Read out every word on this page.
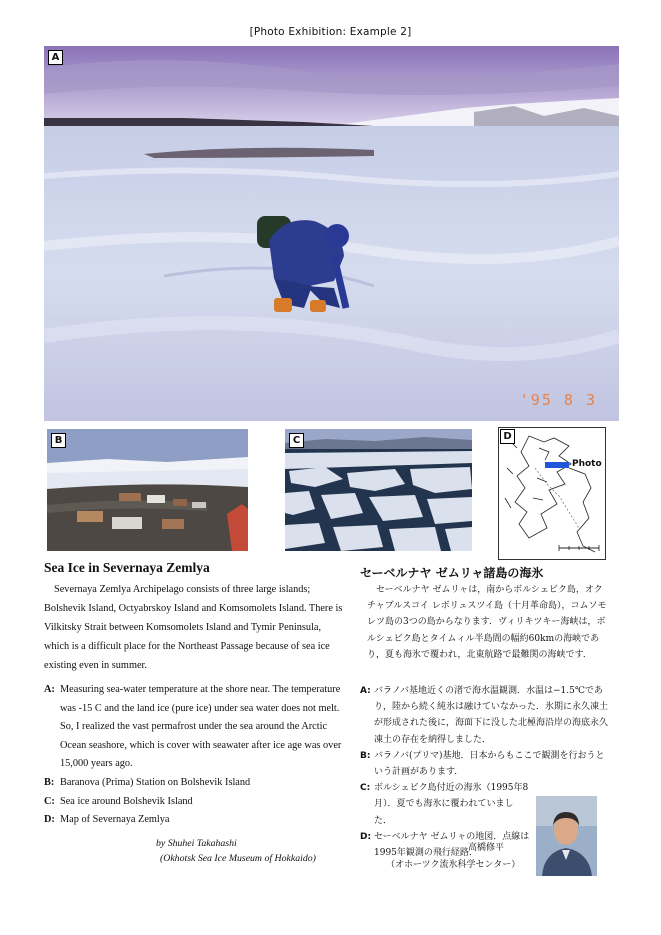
[Photo Exhibition: Example 2]
A
'95 8 3
B	C	D
Photo
Sea Ice in Severnaya Zemlya

Severnaya Zemlya Archipelago consists of three large islands; Bolshevik Island, Octyabrskoy Island and Komsomolets Island. There is Vilkitsky Strait between Komsomolets Island and Tymir Peninsula, which is a difficult place for the Northeast Passage because of sea ice existing even in summer.

A: Measuring sea-water temperature at the shore near. The temperature was -15 C and the land ice (pure ice) under sea water does not melt. So, I realized the vast permafrost under the sea around the Arctic Ocean seashore, which is cover with seawater after ice age was over 15,000 years ago.
B: Baranova (Prima) Station on Bolshevik Island
C: Sea ice around Bolshevik Island
D: Map of Severnaya Zemlya
by Shuhei Takahashi
(Okhotsk Sea Ice Museum of Hokkaido)
セーベルナヤ ゼムリャ諸島の海氷
セーベルナヤ ゼムリャは，南からボルシェビク島，オクチャブルスコイ レボリュスツイ島（十月革命島），コムソモレツ島の3つの島からなります．ヴィリキツキー海峡は，ボルシェビク島とタイムィル半島間の幅約60kmの海峡であり，夏も海氷で覆われ，北東航路で最難関の海峡です．
A: バラノバ基地近くの渚で海水温観測．水温は−1.5℃であり，陸から続く純氷は融けていなかった．氷期に永久凍土が形成された後に，海面下に没した北極海沿岸の海底永久凍土の存在を納得しました．
B: バラノバ(プリマ)基地．日本からもここで観測を行おうという計画があります．
C: ボルシェビク島付近の海氷（1995年8月）．夏でも海氷に覆われていました．
D: セーベルナヤ ゼムリャの地図．点線は1995年観測の飛行経路．
高橋修平
（オホーツク流氷科学センター）
